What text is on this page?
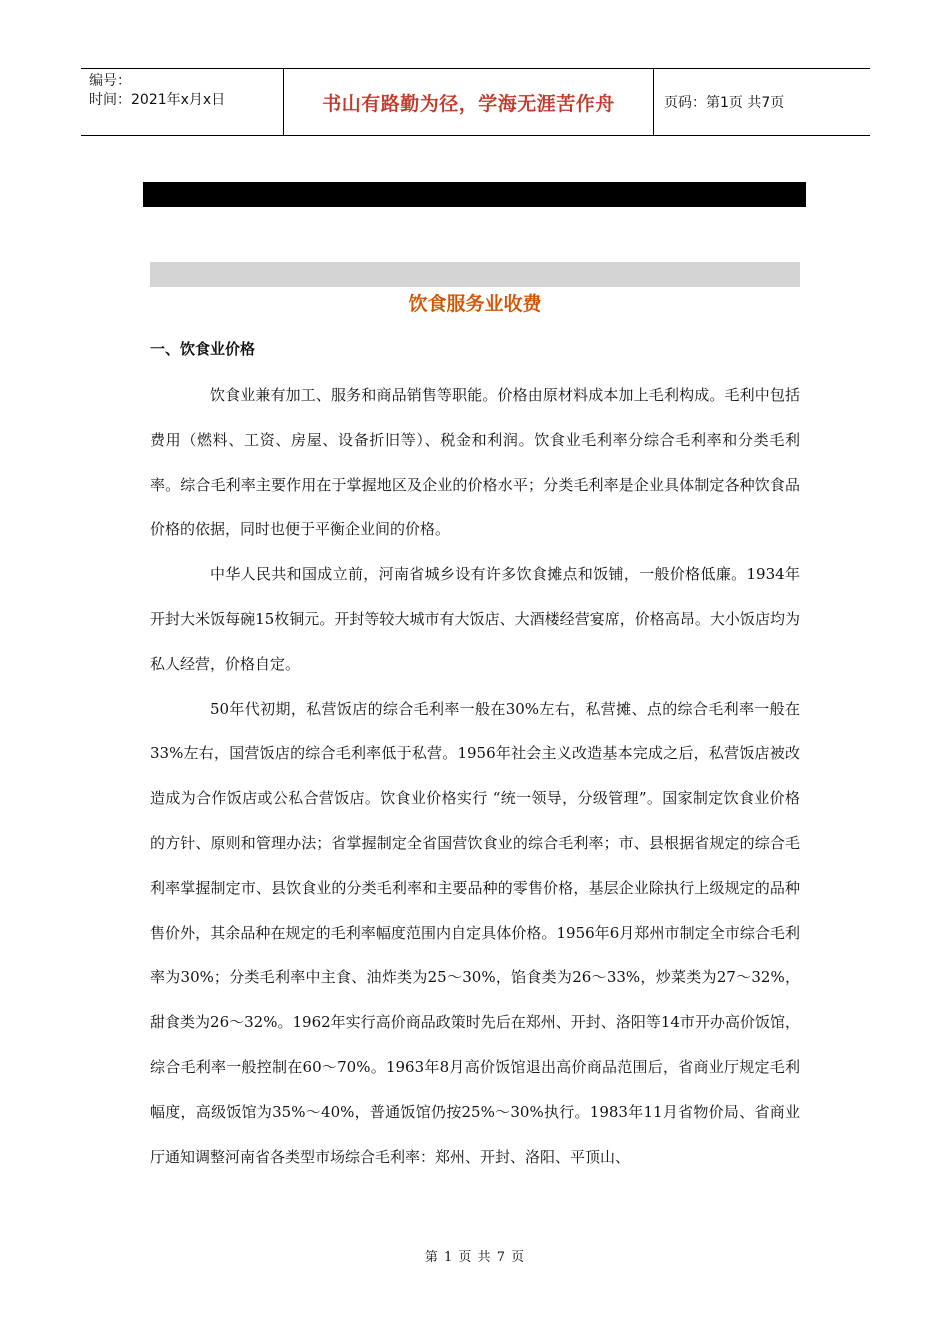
编号：
时间：2021年x月x日	书山有路勤为径，学海无涯苦作舟	页码：第1页 共7页
饮食服务业收费
一、饮食业价格

饮食业兼有加工、服务和商品销售等职能。价格由原材料成本加上毛利构成。毛利中包括费用（燃料、工资、房屋、设备折旧等）、税金和利润。饮食业毛利率分综合毛利率和分类毛利率。综合毛利率主要作用在于掌握地区及企业的价格水平；分类毛利率是企业具体制定各种饮食品价格的依据，同时也便于平衡企业间的价格。

中华人民共和国成立前，河南省城乡设有许多饮食摊点和饭铺，一般价格低廉。1934年开封大米饭每碗15枚铜元。开封等较大城市有大饭店、大酒楼经营宴席，价格高昂。大小饭店均为私人经营，价格自定。

50年代初期，私营饭店的综合毛利率一般在30%左右，私营摊、点的综合毛利率一般在33%左右，国营饭店的综合毛利率低于私营。1956年社会主义改造基本完成之后，私营饭店被改造成为合作饭店或公私合营饭店。饮食业价格实行 “统一领导，分级管理”。国家制定饮食业价格的方针、原则和管理办法；省掌握制定全省国营饮食业的综合毛利率；市、县根据省规定的综合毛利率掌握制定市、县饮食业的分类毛利率和主要品种的零售价格，基层企业除执行上级规定的品种售价外，其余品种在规定的毛利率幅度范围内自定具体价格。1956年6月郑州市制定全市综合毛利率为30%；分类毛利率中主食、油炸类为25～30%，馅食类为26～33%，炒菜类为27～32%，甜食类为26～32%。1962年实行高价商品政策时先后在郑州、开封、洛阳等14市开办高价饭馆，综合毛利率一般控制在60～70%。1963年8月高价饭馆退出高价商品范围后，省商业厅规定毛利幅度，高级饭馆为35%～40%，普通饭馆仍按25%～30%执行。1983年11月省物价局、省商业厅通知调整河南省各类型市场综合毛利率：郑州、开封、洛阳、平顶山、

第 1 页 共 7 页
